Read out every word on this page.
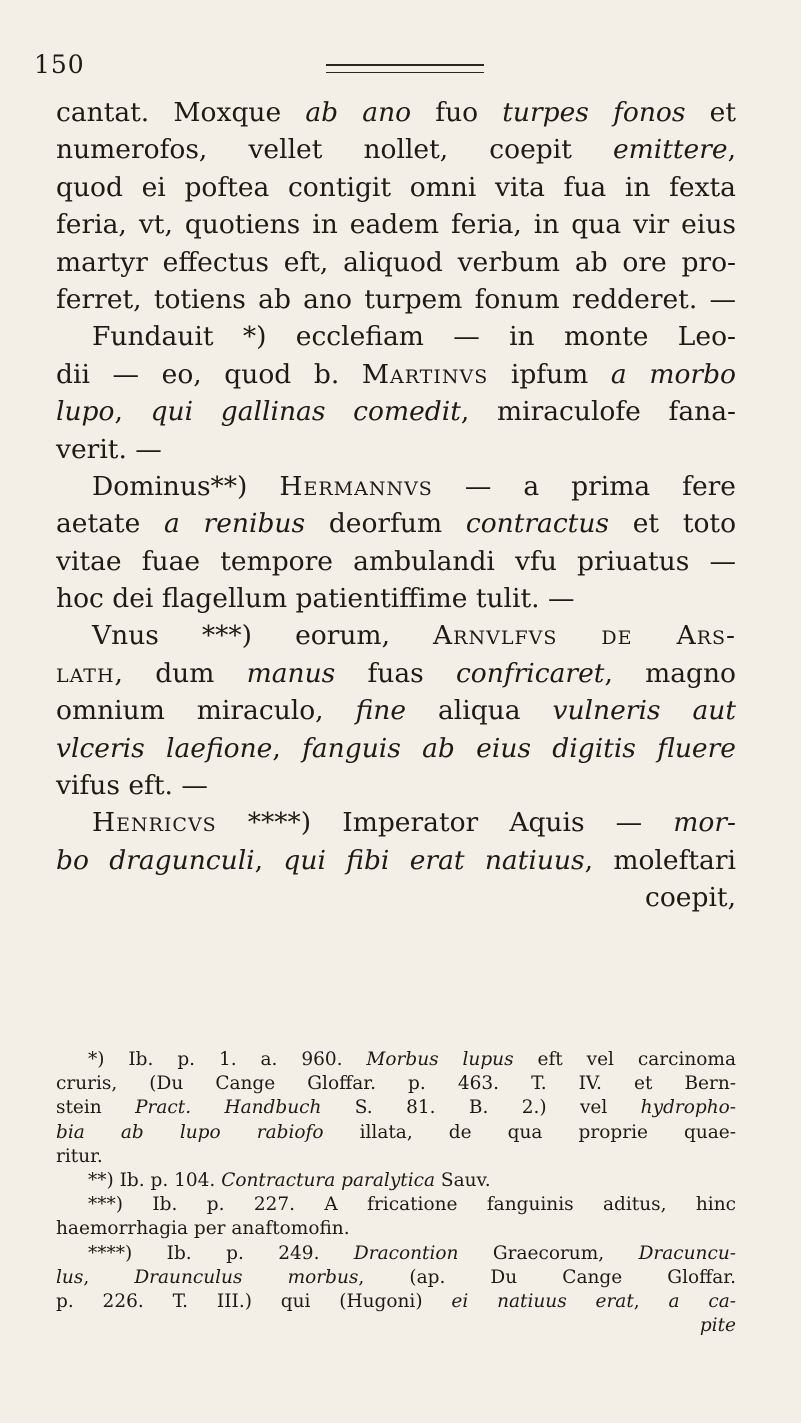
150
cantat. Moxque ab ano fuo turpes fonos et
numerofos, vellet nollet, coepit emittere,
quod ei poftea contigit omni vita fua in fexta
feria, vt, quotiens in eadem feria, in qua vir eius
martyr effectus eft, aliquod verbum ab ore pro-
ferret, totiens ab ano turpem fonum redderet. —
Fundauit *) ecclefiam — in monte Leo-
dii — eo, quod b. Martinvs ipfum a morbo
lupo, qui gallinas comedit, miraculofe fana-
verit. —
Dominus**) Hermannvs — a prima fere
aetate a renibus deorfum contractus et toto
vitae fuae tempore ambulandi vfu priuatus —
hoc dei flagellum patientiffime tulit. —
Vnus ***) eorum, Arnvlfvs de Ars-
lath, dum manus fuas confricaret, magno
omnium miraculo, fine aliqua vulneris aut
vlceris laefione, fanguis ab eius digitis fluere
vifus eft. —
Henricvs ****) Imperator Aquis — mor-
bo dragunculi, qui fibi erat natiuus, moleftari
coepit,
*) Ib. p. 1. a. 960. Morbus lupus eft vel carcinoma
cruris, (Du Cange Gloffar. p. 463. T. IV. et Bern-
stein Pract. Handbuch S. 81. B. 2.) vel hydropho-
bia ab lupo rabiofo illata, de qua proprie quae-
ritur.
**) Ib. p. 104. Contractura paralytica Sauv.
***) Ib. p. 227. A fricatione fanguinis aditus, hinc
haemorrhagia per anaftomofin.
****) Ib. p. 249. Dracontion Graecorum, Dracuncu-
lus, Draunculus morbus, (ap. Du Cange Gloffar.
p. 226. T. III.) qui (Hugoni) ei natiuus erat, a ca-
pite
